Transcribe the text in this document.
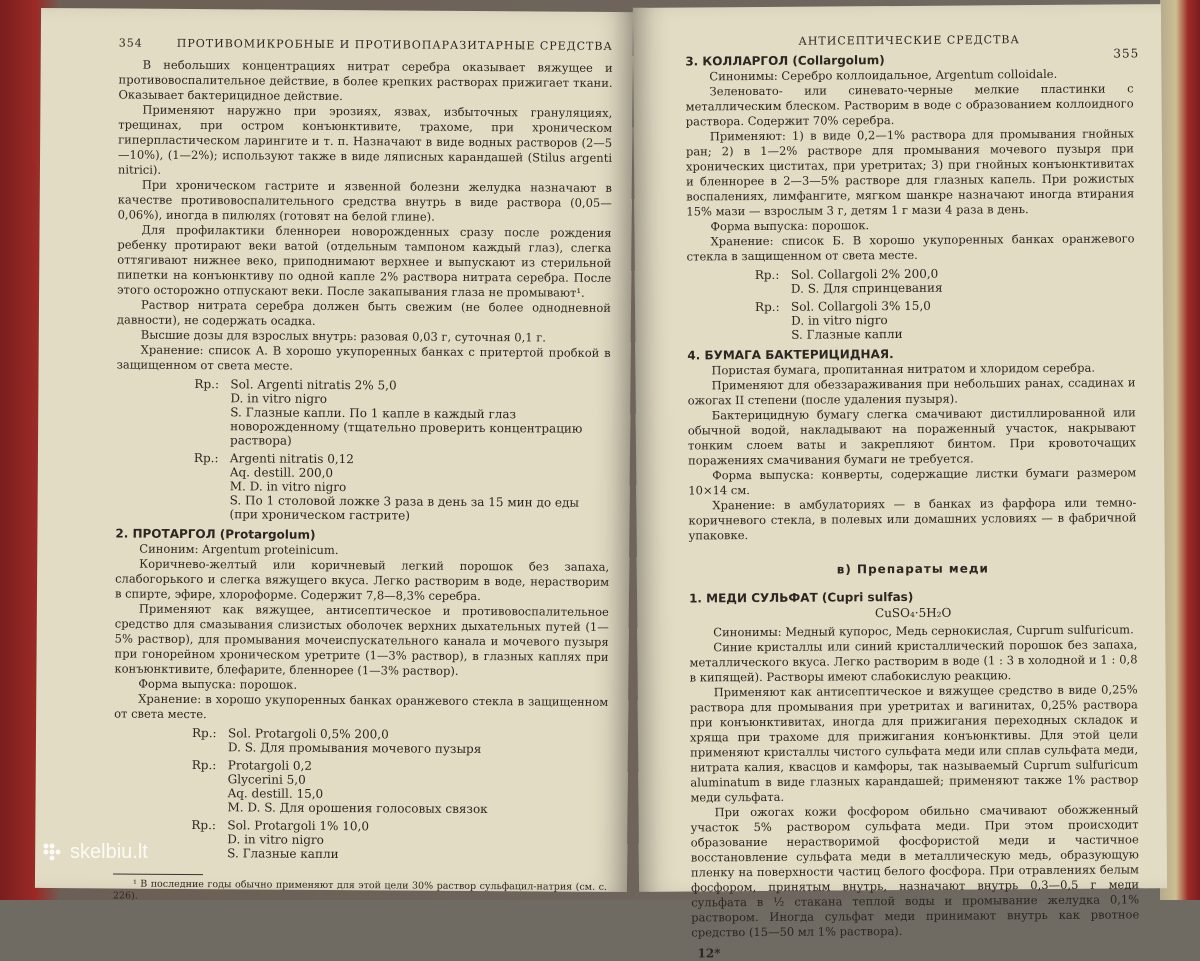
354	ПРОТИВОМИКРОБНЫЕ И ПРОТИВОПАРАЗИТАРНЫЕ СРЕДСТВА

В небольших концентрациях нитрат серебра оказывает вяжущее и противовоспалительное действие, в более крепких растворах прижигает ткани. Оказывает бактерицидное действие.

Применяют наружно при эрозиях, язвах, избыточных грануляциях, трещинах, при остром конъюнктивите, трахоме, при хроническом гиперпластическом ларингите и т. п. Назначают в виде водных растворов (2—5—10%), (1—2%); используют также в виде ляписных карандашей (Stilus argenti nitrici).

При хроническом гастрите и язвенной болезни желудка назначают в качестве противовоспалительного средства внутрь в виде раствора (0,05—0,06%), иногда в пилюлях (готовят на белой глине).

Для профилактики бленнореи новорожденных сразу после рождения ребенку протирают веки ватой (отдельным тампоном каждый глаз), слегка оттягивают нижнее веко, приподнимают верхнее и выпускают из стерильной пипетки на конъюнктиву по одной капле 2% раствора нитрата серебра. После этого осторожно отпускают веки. После закапывания глаза не промывают¹.

Раствор нитрата серебра должен быть свежим (не более однодневной давности), не содержать осадка.

Высшие дозы для взрослых внутрь: разовая 0,03 г, суточная 0,1 г.

Хранение: список А. В хорошо укупоренных банках с притертой пробкой в защищенном от света месте.

Rp.: Sol. Argenti nitratis 2% 5,0
D. in vitro nigro
S. Глазные капли. По 1 капле в каждый глаз новорожденному (тщательно проверить концентрацию раствора)
Rp.: Argenti nitratis 0,12
Aq. destill. 200,0
M. D. in vitro nigro
S. По 1 столовой ложке 3 раза в день за 15 мин до еды (при хроническом гастрите)
2. ПРОТАРГОЛ (Protargolum)

Синоним: Argentum proteinicum.

Коричнево-желтый или коричневый легкий порошок без запаха, слабогорького и слегка вяжущего вкуса. Легко растворим в воде, нерастворим в спирте, эфире, хлороформе. Содержит 7,8—8,3% серебра.

Применяют как вяжущее, антисептическое и противовоспалительное средство для смазывания слизистых оболочек верхних дыхательных путей (1—5% раствор), для промывания мочеиспускательного канала и мочевого пузыря при гонорейном хроническом уретрите (1—3% раствор), в глазных каплях при конъюнктивите, блефарите, бленнорее (1—3% раствор).

Форма выпуска: порошок.

Хранение: в хорошо укупоренных банках оранжевого стекла в защищенном от света месте.

Rp.: Sol. Protargoli 0,5% 200,0
D. S. Для промывания мочевого пузыря
Rp.: Protargoli 0,2
Glycerini 5,0
Aq. destill. 15,0
M. D. S. Для орошения голосовых связок
Rp.: Sol. Protargoli 1% 10,0
D. in vitro nigro
S. Глазные капли

¹ В последние годы обычно применяют для этой цели 30% раствор сульфацил-натрия (см. с. 226).

АНТИСЕПТИЧЕСКИЕ СРЕДСТВА
355
3. КОЛЛАРГОЛ (Collargolum)

Синонимы: Серебро коллоидальное, Argentum colloidale.

Зеленовато- или синевато-черные мелкие пластинки с металлическим блеском. Растворим в воде с образованием коллоидного раствора. Содержит 70% серебра.

Применяют: 1) в виде 0,2—1% раствора для промывания гнойных ран; 2) в 1—2% растворе для промывания мочевого пузыря при хронических циститах, при уретритах; 3) при гнойных конъюнктивитах и бленнорее в 2—3—5% растворе для глазных капель. При рожистых воспалениях, лимфангите, мягком шанкре назначают иногда втирания 15% мази — взрослым 3 г, детям 1 г мази 4 раза в день.

Форма выпуска: порошок.

Хранение: список Б. В хорошо укупоренных банках оранжевого стекла в защищенном от света месте.

Rp.: Sol. Collargoli 2% 200,0
D. S. Для спринцевания
Rp.: Sol. Collargoli 3% 15,0
D. in vitro nigro
S. Глазные капли
4. БУМАГА БАКТЕРИЦИДНАЯ.

Пористая бумага, пропитанная нитратом и хлоридом серебра.

Применяют для обеззараживания при небольших ранах, ссадинах и ожогах II степени (после удаления пузыря).

Бактерицидную бумагу слегка смачивают дистиллированной или обычной водой, накладывают на пораженный участок, накрывают тонким слоем ваты и закрепляют бинтом. При кровоточащих поражениях смачивания бумаги не требуется.

Форма выпуска: конверты, содержащие листки бумаги размером 10×14 см.

Хранение: в амбулаториях — в банках из фарфора или темно-коричневого стекла, в полевых или домашних условиях — в фабричной упаковке.

в) Препараты меди
1. МЕДИ СУЛЬФАТ (Cupri sulfas)
CuSO₄·5H₂O

Синонимы: Медный купорос, Медь сернокислая, Cuprum sulfuricum.

Синие кристаллы или синий кристаллический порошок без запаха, металлического вкуса. Легко растворим в воде (1 : 3 в холодной и 1 : 0,8 в кипящей). Растворы имеют слабокислую реакцию.

Применяют как антисептическое и вяжущее средство в виде 0,25% раствора для промывания при уретритах и вагинитах, 0,25% раствора при конъюнктивитах, иногда для прижигания переходных складок и хряща при трахоме для прижигания конъюнктивы. Для этой цели применяют кристаллы чистого сульфата меди или сплав сульфата меди, нитрата калия, квасцов и камфоры, так называемый Cuprum sulfuricum aluminatum в виде глазных карандашей; применяют также 1% раствор меди сульфата.

При ожогах кожи фосфором обильно смачивают обожженный участок 5% раствором сульфата меди. При этом происходит образование нерастворимой фосфористой меди и частичное восстановление сульфата меди в металлическую медь, образующую пленку на поверхности частиц белого фосфора. При отравлениях белым фосфором, принятым внутрь, назначают внутрь 0,3—0,5 г меди сульфата в ½ стакана теплой воды и промывание желудка 0,1% раствором. Иногда сульфат меди принимают внутрь как рвотное средство (15—50 мл 1% раствора).

12*
skelbiu.lt
